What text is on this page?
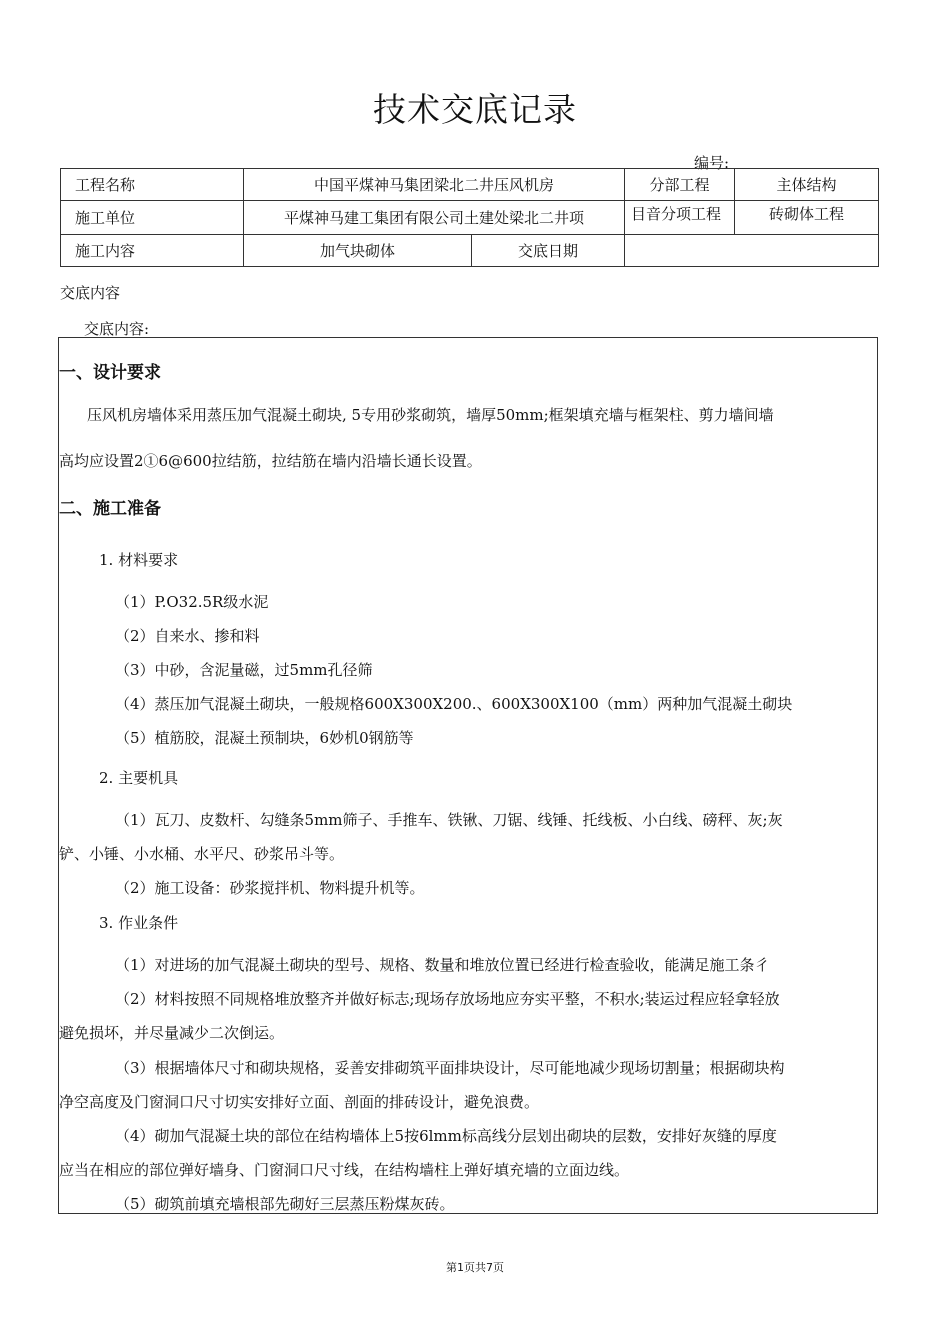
技术交底记录
编号:
工程名称	中国平煤神马集团梁北二井压风机房		分部工程	主体结构
施工单位	平煤神马建工集团有限公司土建处梁北二井项		目音分项工程	砖砌体工程
施工内容	加气块砌体	交底日期		
交底内容
交底内容:
一、设计要求
压风机房墙体采用蒸压加气混凝土砌块, 5专用砂浆砌筑，墙厚50mm;框架填充墙与框架柱、剪力墙间墙
高均应设置2①6@600拉结筋，拉结筋在墙内沿墙长通长设置。
二、施工准备
1. 材料要求
（1）P.O32.5R级水泥
（2）自来水、掺和料
（3）中砂，含泥量磁，过5mm孔径筛
（4）蒸压加气混凝土砌块，一般规格600X300X200.、600X300X100（mm）两种加气混凝土砌块
（5）植筋胶，混凝土预制块，6妙机0钢筋等
2. 主要机具
（1）瓦刀、皮数杆、勾缝条5mm筛子、手推车、铁锹、刀锯、线锤、托线板、小白线、磅秤、灰;灰
铲、小锤、小水桶、水平尺、砂浆吊斗等。
（2）施工设备：砂浆搅拌机、物料提升机等。
3. 作业条件
（1）对进场的加气混凝土砌块的型号、规格、数量和堆放位置已经进行检查验收，能满足施工条彳
（2）材料按照不同规格堆放整齐并做好标志;现场存放场地应夯实平整，不积水;装运过程应轻拿轻放
避免损坏，并尽量减少二次倒运。
（3）根据墙体尺寸和砌块规格，妥善安排砌筑平面排块设计，尽可能地减少现场切割量；根据砌块构
净空高度及门窗洞口尺寸切实安排好立面、剖面的排砖设计，避免浪费。
（4）砌加气混凝土块的部位在结构墙体上5按6lmm标高线分层划出砌块的层数，安排好灰缝的厚度
应当在相应的部位弹好墙身、门窗洞口尺寸线，在结构墙柱上弹好填充墙的立面边线。
（5）砌筑前填充墙根部先砌好三层蒸压粉煤灰砖。
第1页共7页
